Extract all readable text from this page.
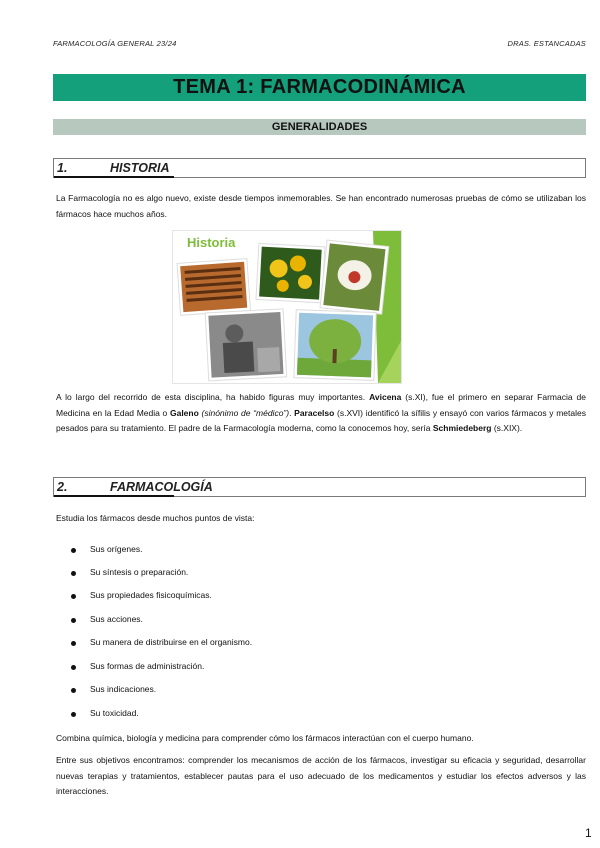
FARMACOLOGÍA GENERAL 23/24	DRAS. ESTANCADAS
TEMA 1: FARMACODINÁMICA
GENERALIDADES
1.	HISTORIA
La Farmacología no es algo nuevo, existe desde tiempos inmemorables. Se han encontrado numerosas pruebas de cómo se utilizaban los fármacos hace muchos años.
Historia
A lo largo del recorrido de esta disciplina, ha habido figuras muy importantes. Avicena (s.XI), fue el primero en separar Farmacia de Medicina en la Edad Media o Galeno (sinónimo de “médico”). Paracelso (s.XVI) identificó la sífilis y ensayó con varios fármacos y metales pesados para su tratamiento. El padre de la Farmacología moderna, como la conocemos hoy, sería Schmiedeberg (s.XIX).
2.	FARMACOLOGÍA
Estudia los fármacos desde muchos puntos de vista:
Sus orígenes.
Su síntesis o preparación.
Sus propiedades fisicoquímicas.
Sus acciones.
Su manera de distribuirse en el organismo.
Sus formas de administración.
Sus indicaciones.
Su toxicidad.
Combina química, biología y medicina para comprender cómo los fármacos interactúan con el cuerpo humano.
Entre sus objetivos encontramos: comprender los mecanismos de acción de los fármacos, investigar su eficacia y seguridad, desarrollar nuevas terapias y tratamientos, establecer pautas para el uso adecuado de los medicamentos y estudiar los efectos adversos y las interacciones.
1
